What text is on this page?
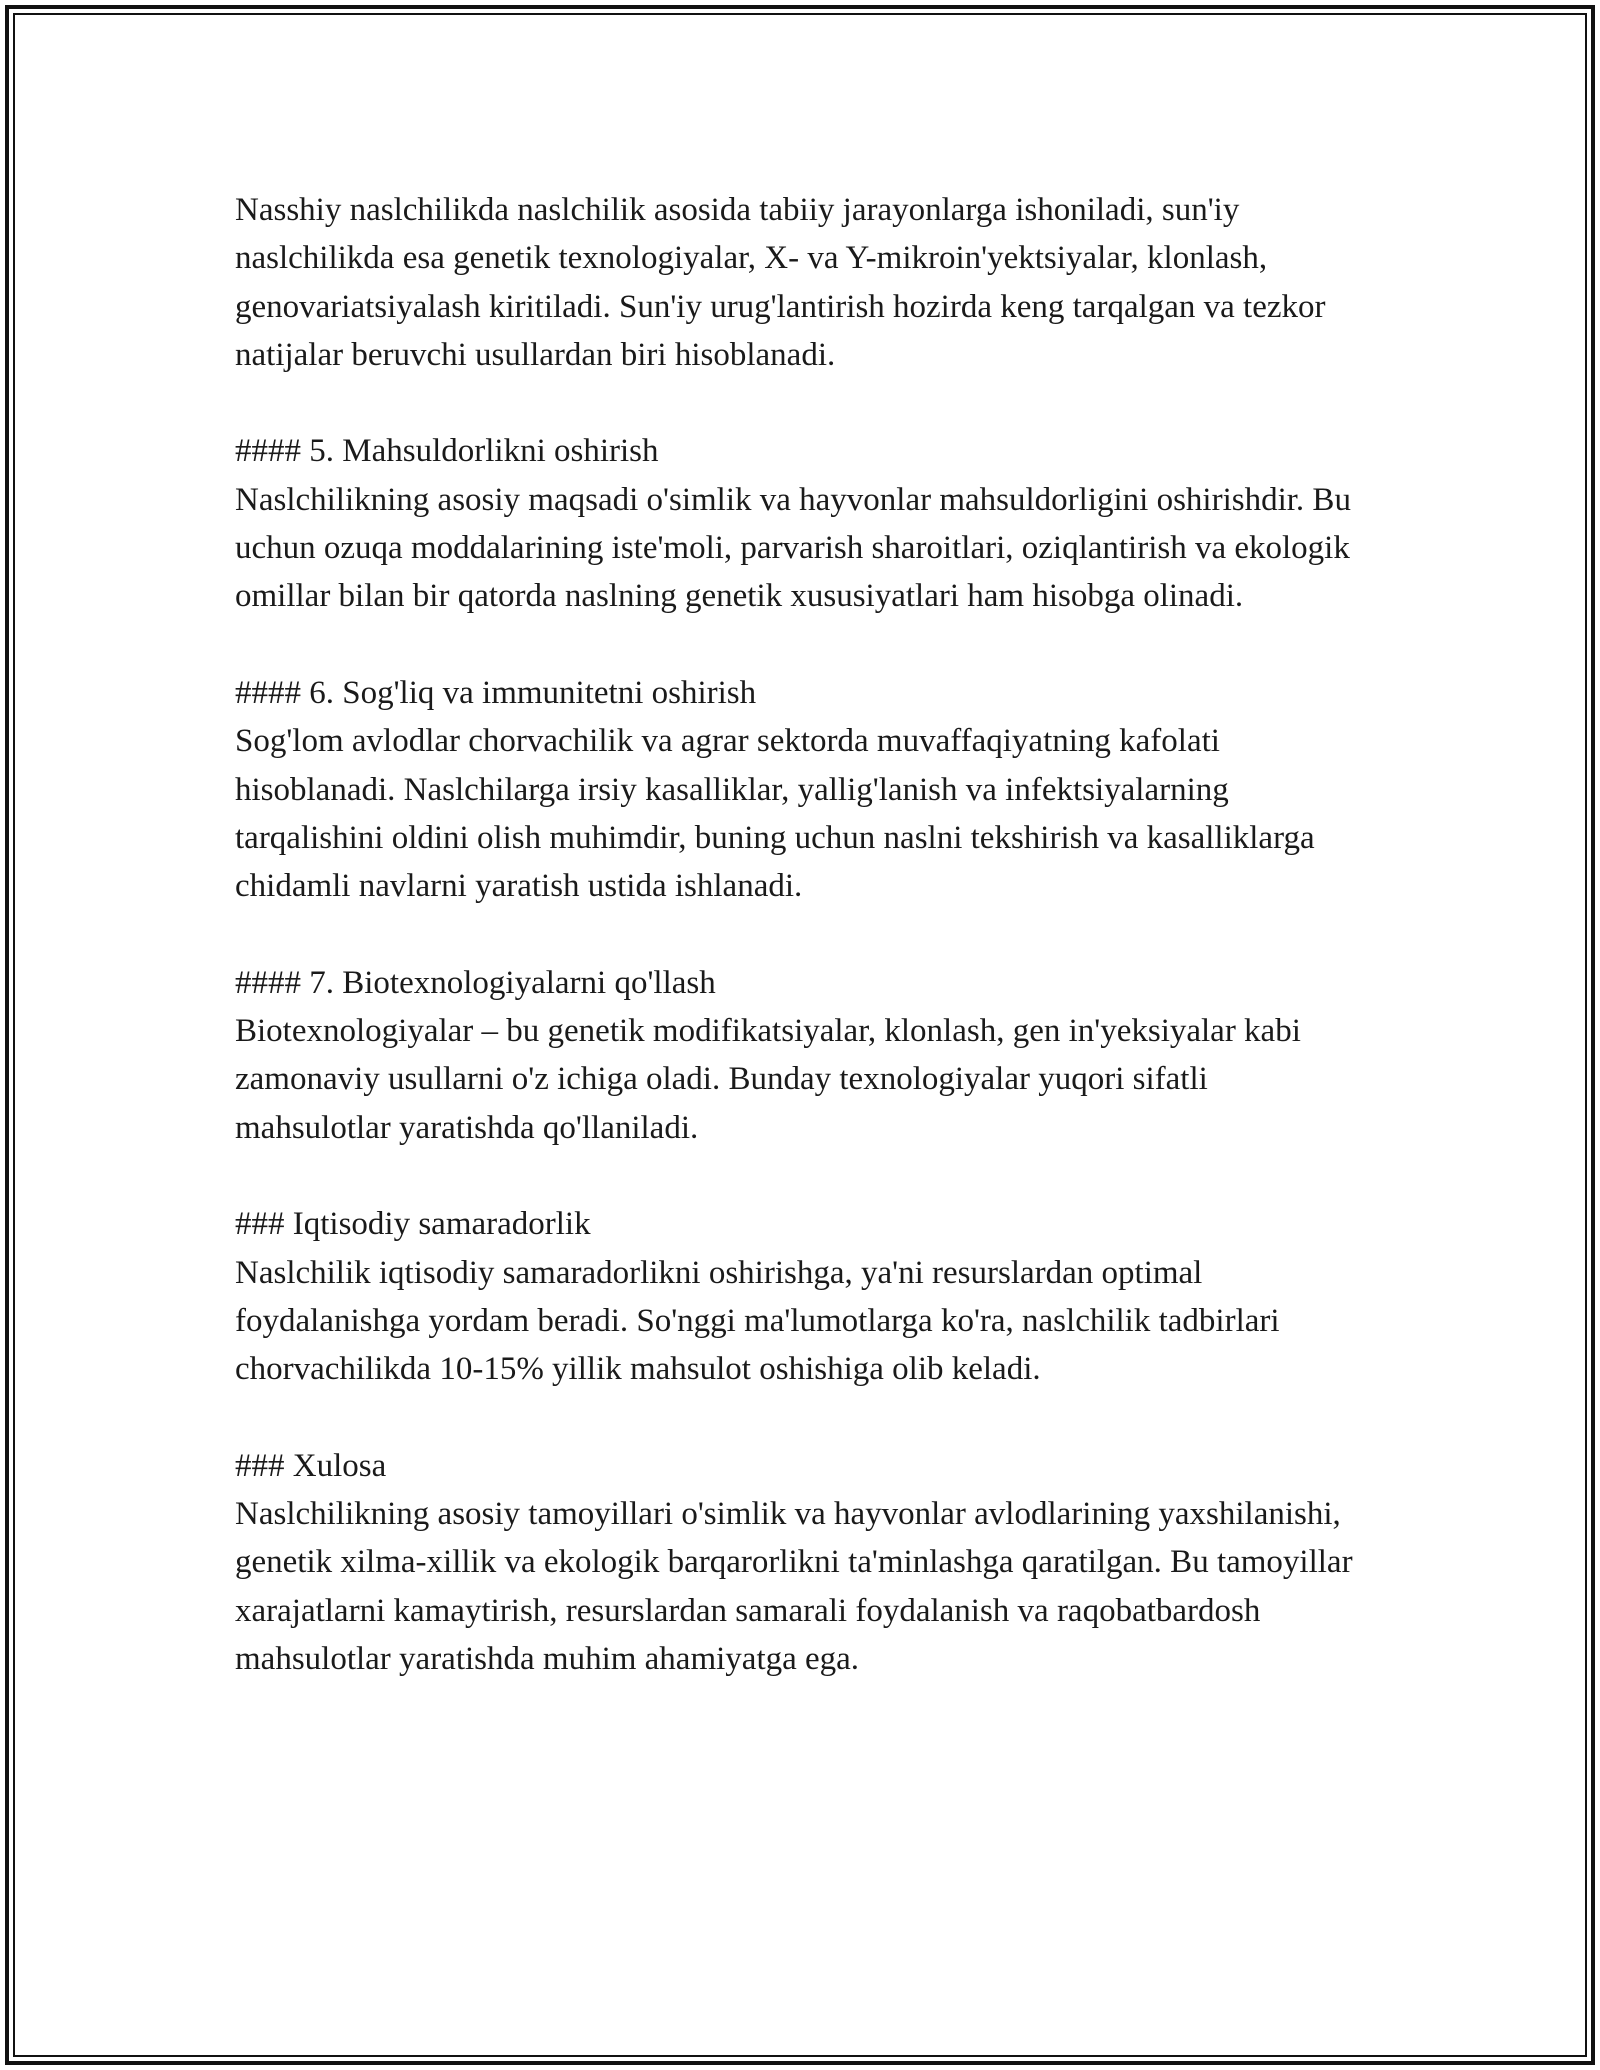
Nasshiy naslchilikda naslchilik asosida tabiiy jarayonlarga ishoniladi, sun'iy naslchilikda esa genetik texnologiyalar, X- va Y-mikroin'yektsiyalar, klonlash, genovariatsiyalash kiritiladi. Sun'iy urug'lantirish hozirda keng tarqalgan va tezkor natijalar beruvchi usullardan biri hisoblanadi.

#### 5. Mahsuldorlikni oshirish

Naslchilikning asosiy maqsadi o'simlik va hayvonlar mahsuldorligini oshirishdir. Bu uchun ozuqa moddalarining iste'moli, parvarish sharoitlari, oziqlantirish va ekologik omillar bilan bir qatorda naslning genetik xususiyatlari ham hisobga olinadi.

#### 6. Sog'liq va immunitetni oshirish

Sog'lom avlodlar chorvachilik va agrar sektorda muvaffaqiyatning kafolati hisoblanadi. Naslchilarga irsiy kasalliklar, yallig'lanish va infektsiyalarning tarqalishini oldini olish muhimdir, buning uchun naslni tekshirish va kasalliklarga chidamli navlarni yaratish ustida ishlanadi.

#### 7. Biotexnologiyalarni qo'llash

Biotexnologiyalar – bu genetik modifikatsiyalar, klonlash, gen in'yeksiyalar kabi zamonaviy usullarni o'z ichiga oladi. Bunday texnologiyalar yuqori sifatli mahsulotlar yaratishda qo'llaniladi.

### Iqtisodiy samaradorlik

Naslchilik iqtisodiy samaradorlikni oshirishga, ya'ni resurslardan optimal foydalanishga yordam beradi. So'nggi ma'lumotlarga ko'ra, naslchilik tadbirlari chorvachilikda 10-15% yillik mahsulot oshishiga olib keladi.

### Xulosa

Naslchilikning asosiy tamoyillari o'simlik va hayvonlar avlodlarining yaxshilanishi, genetik xilma-xillik va ekologik barqarorlikni ta'minlashga qaratilgan. Bu tamoyillar xarajatlarni kamaytirish, resurslardan samarali foydalanish va raqobatbardosh mahsulotlar yaratishda muhim ahamiyatga ega.
